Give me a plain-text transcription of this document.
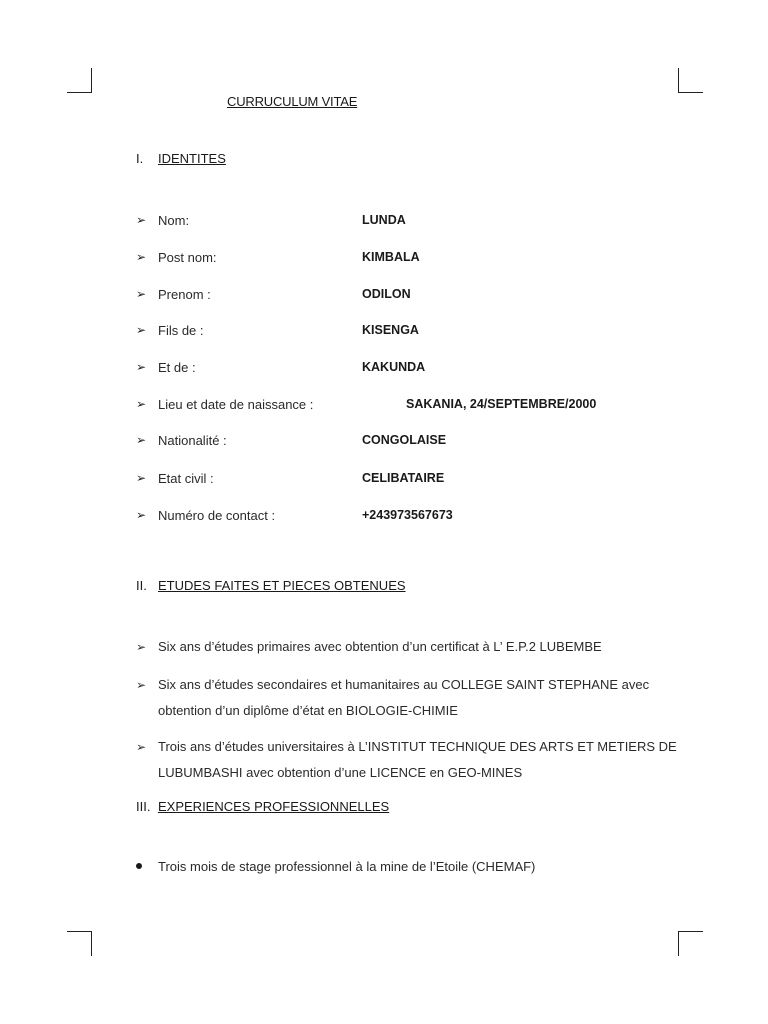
CURRUCULUM VITAE
I. IDENTITES
➢ Nom:	LUNDA
➢ Post nom:	KIMBALA
➢ Prenom :	ODILON
➢ Fils de :	KISENGA
➢ Et de :	KAKUNDA
➢ Lieu et date de naissance :	SAKANIA, 24/SEPTEMBRE/2000
➢ Nationalité :	CONGOLAISE
➢ Etat civil :	CELIBATAIRE
➢ Numéro de contact :	+243973567673
II. ETUDES FAITES ET PIECES OBTENUES
➢ Six ans d’études primaires avec obtention d’un certificat à L’ E.P.2 LUBEMBE
➢ Six ans d’études secondaires et humanitaires au COLLEGE SAINT STEPHANE avec obtention d’un diplôme d’état en BIOLOGIE-CHIMIE
➢ Trois ans d’études universitaires à L’INSTITUT TECHNIQUE DES ARTS ET METIERS DE LUBUMBASHI avec obtention d’une LICENCE en GEO-MINES
III. EXPERIENCES PROFESSIONNELLES
Trois mois de stage professionnel à la mine de l’Etoile (CHEMAF)
